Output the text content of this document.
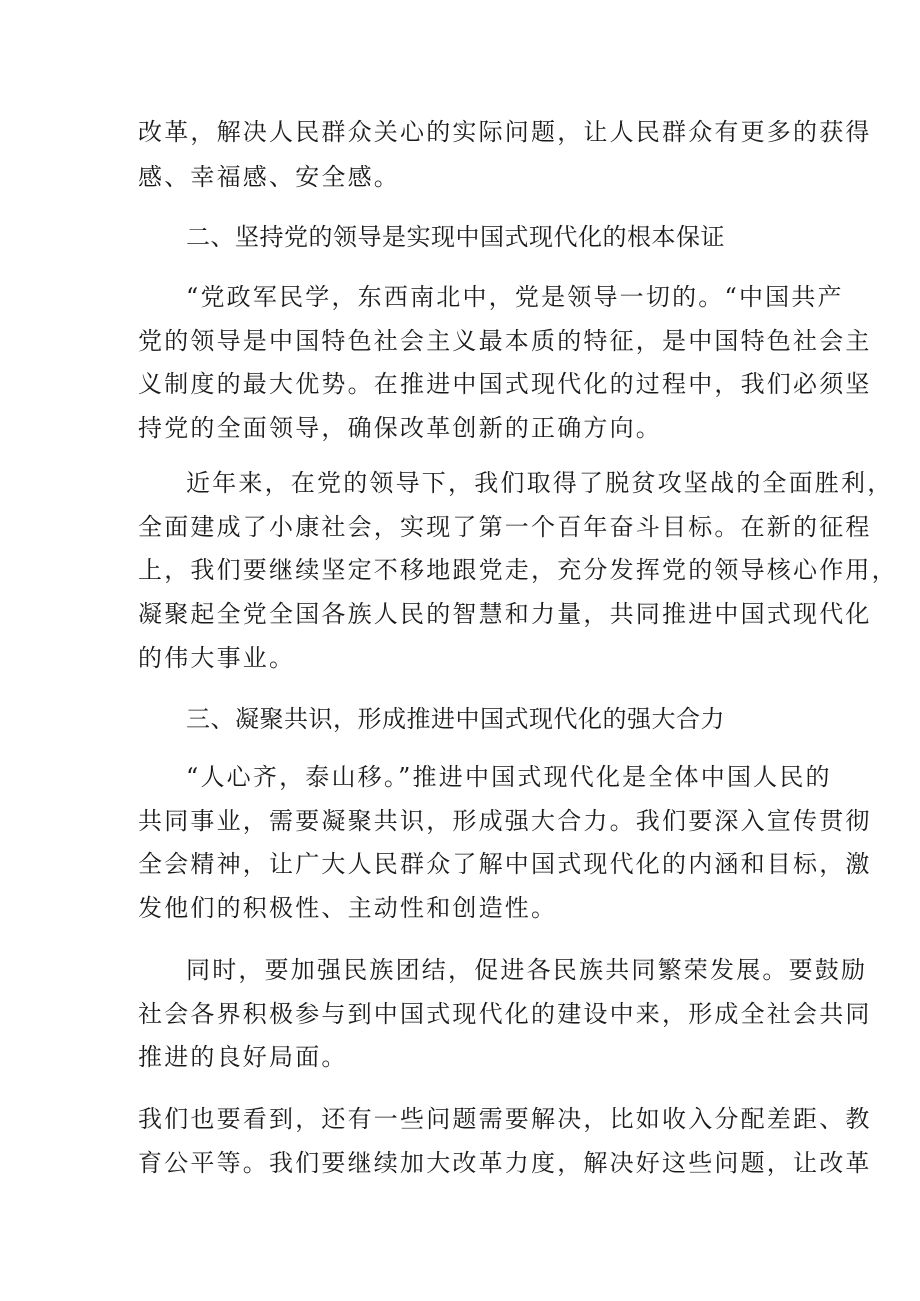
改革，解决人民群众关心的实际问题，让人民群众有更多的获得
感、幸福感、安全感。
二、坚持党的领导是实现中国式现代化的根本保证
“党政军民学，东西南北中，党是领导一切的。“中国共产
党的领导是中国特色社会主义最本质的特征，是中国特色社会主
义制度的最大优势。在推进中国式现代化的过程中，我们必须坚
持党的全面领导，确保改革创新的正确方向。
近年来，在党的领导下，我们取得了脱贫攻坚战的全面胜利，
全面建成了小康社会，实现了第一个百年奋斗目标。在新的征程
上，我们要继续坚定不移地跟党走，充分发挥党的领导核心作用，
凝聚起全党全国各族人民的智慧和力量，共同推进中国式现代化
的伟大事业。
三、凝聚共识，形成推进中国式现代化的强大合力
“人心齐，泰山移。”推进中国式现代化是全体中国人民的
共同事业，需要凝聚共识，形成强大合力。我们要深入宣传贯彻
全会精神，让广大人民群众了解中国式现代化的内涵和目标，激
发他们的积极性、主动性和创造性。
同时，要加强民族团结，促进各民族共同繁荣发展。要鼓励
社会各界积极参与到中国式现代化的建设中来，形成全社会共同
推进的良好局面。
我们也要看到，还有一些问题需要解决，比如收入分配差距、教
育公平等。我们要继续加大改革力度，解决好这些问题，让改革
